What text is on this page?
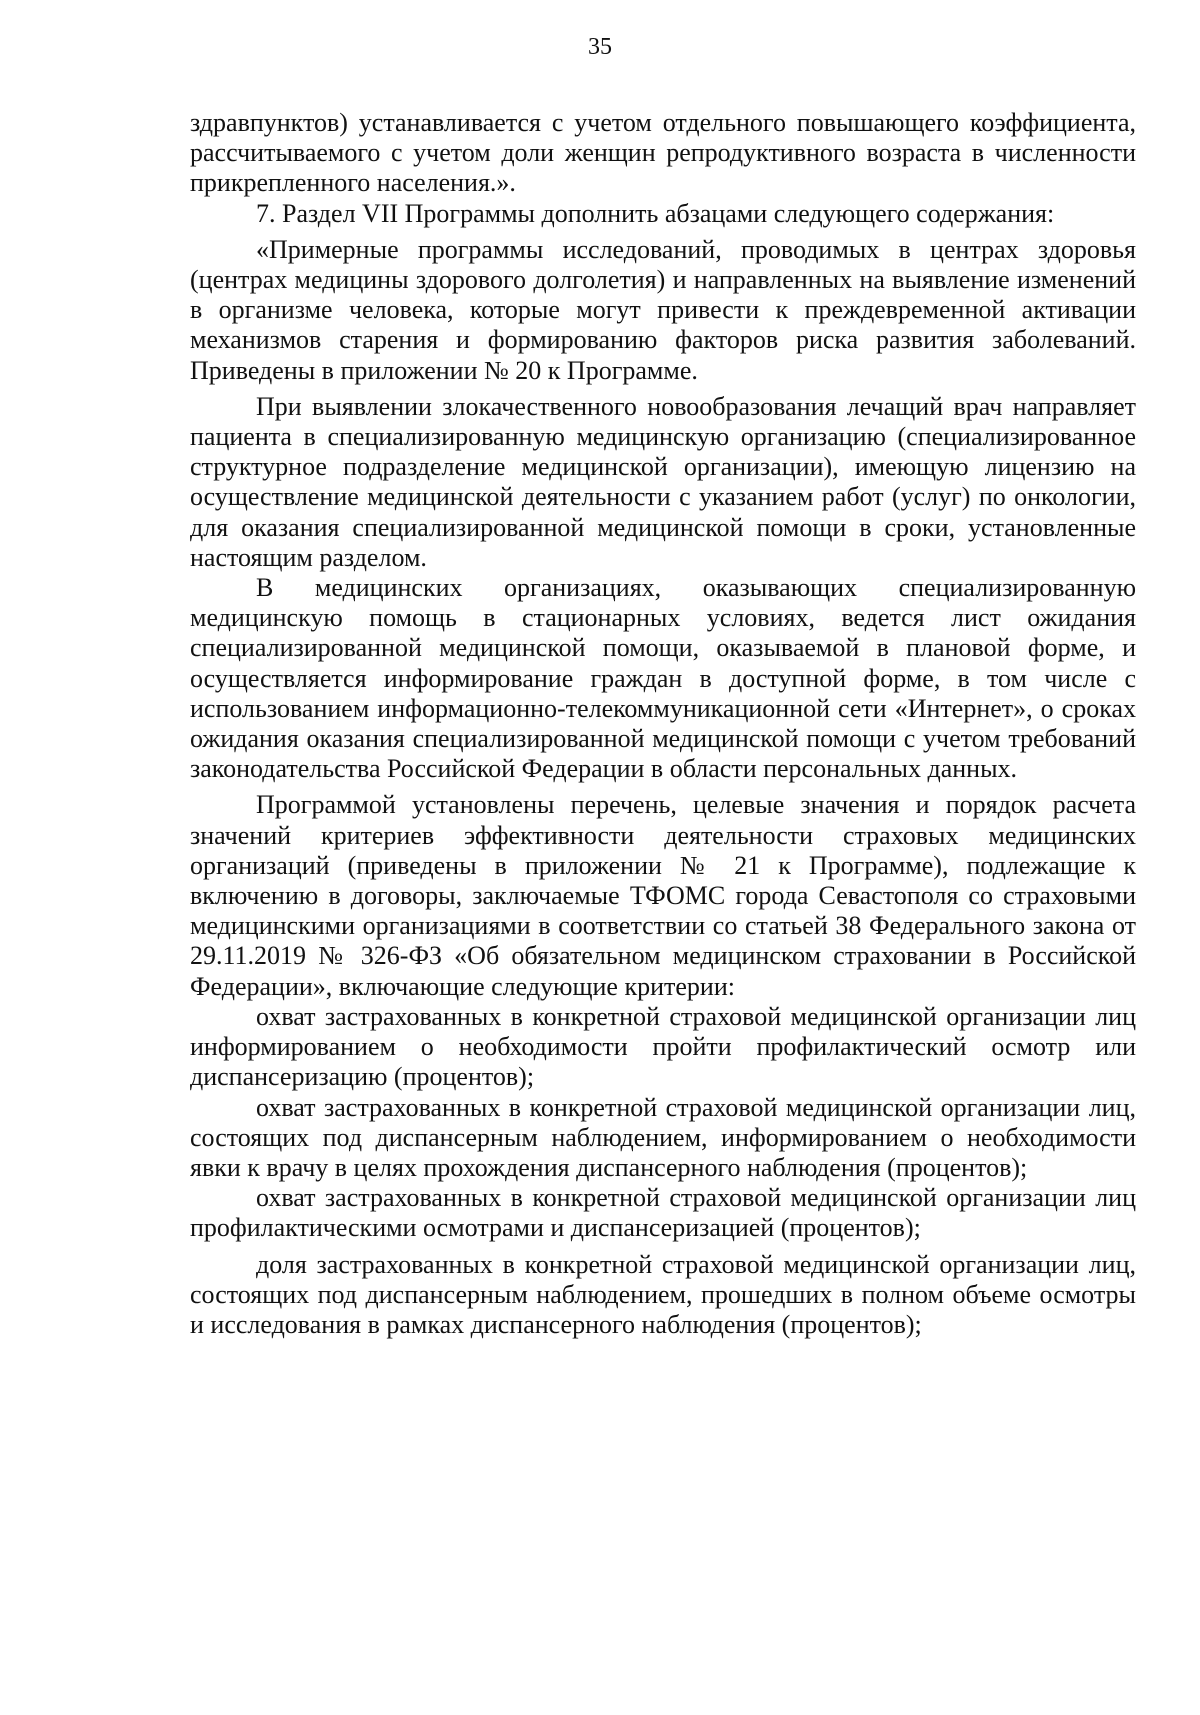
35

здравпунктов) устанавливается с учетом отдельного повышающего коэффициента, рассчитываемого с учетом доли женщин репродуктивного возраста в численности прикрепленного населения.».

7. Раздел VII Программы дополнить абзацами следующего содержания:

«Примерные программы исследований, проводимых в центрах здоровья (центрах медицины здорового долголетия) и направленных на выявление изменений в организме человека, которые могут привести к преждевременной активации механизмов старения и формированию факторов риска развития заболеваний. Приведены в приложении № 20 к Программе.

При выявлении злокачественного новообразования лечащий врач направляет пациента в специализированную медицинскую организацию (специализированное структурное подразделение медицинской организации), имеющую лицензию на осуществление медицинской деятельности с указанием работ (услуг) по онкологии, для оказания специализированной медицинской помощи в сроки, установленные настоящим разделом.

В медицинских организациях, оказывающих специализированную медицинскую помощь в стационарных условиях, ведется лист ожидания специализированной медицинской помощи, оказываемой в плановой форме, и осуществляется информирование граждан в доступной форме, в том числе с использованием информационно-телекоммуникационной сети «Интернет», о сроках ожидания оказания специализированной медицинской помощи с учетом требований законодательства Российской Федерации в области персональных данных.

Программой установлены перечень, целевые значения и порядок расчета значений критериев эффективности деятельности страховых медицинских организаций (приведены в приложении № 21 к Программе), подлежащие к включению в договоры, заключаемые ТФОМС города Севастополя со страховыми медицинскими организациями в соответствии со статьей 38 Федерального закона от 29.11.2019 № 326-ФЗ «Об обязательном медицинском страховании в Российской Федерации», включающие следующие критерии:

охват застрахованных в конкретной страховой медицинской организации лиц информированием о необходимости пройти профилактический осмотр или диспансеризацию (процентов);

охват застрахованных в конкретной страховой медицинской организации лиц, состоящих под диспансерным наблюдением, информированием о необходимости явки к врачу в целях прохождения диспансерного наблюдения (процентов);

охват застрахованных в конкретной страховой медицинской организации лиц профилактическими осмотрами и диспансеризацией (процентов);

доля застрахованных в конкретной страховой медицинской организации лиц, состоящих под диспансерным наблюдением, прошедших в полном объеме осмотры и исследования в рамках диспансерного наблюдения (процентов);
